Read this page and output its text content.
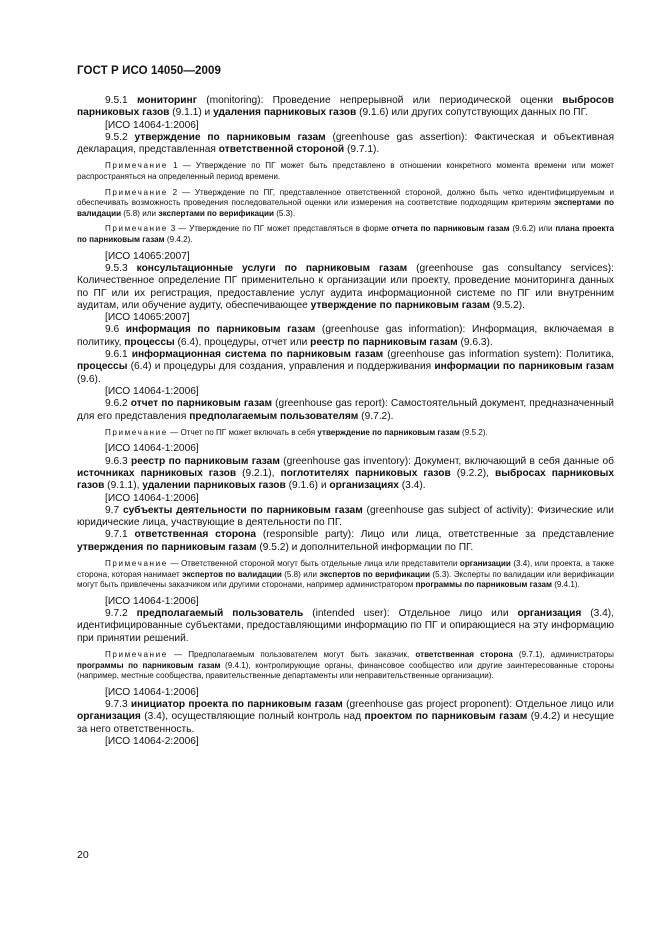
ГОСТ Р ИСО 14050—2009

9.5.1 мониторинг (monitoring): Проведение непрерывной или периодической оценки выбросов парниковых газов (9.1.1) и удаления парниковых газов (9.1.6) или других сопутствующих данных по ПГ.

[ИСО 14064-1:2006]

9.5.2 утверждение по парниковым газам (greenhouse gas assertion): Фактическая и объективная декларация, представленная ответственной стороной (9.7.1).

Примечание 1 — Утверждение по ПГ может быть представлено в отношении конкретного момента времени или может распространяться на определенный период времени.

Примечание 2 — Утверждение по ПГ, представленное ответственной стороной, должно быть четко идентифицируемым и обеспечивать возможность проведения последовательной оценки или измерения на соответствие подходящим критериям экспертами по валидации (5.8) или экспертами по верификации (5.3).

Примечание 3 — Утверждение по ПГ может представляться в форме отчета по парниковым газам (9.6.2) или плана проекта по парниковым газам (9.4.2).

[ИСО 14065:2007]

9.5.3 консультационные услуги по парниковым газам (greenhouse gas consultancy services): Количественное определение ПГ применительно к организации или проекту, проведение мониторинга данных по ПГ или их регистрация, предоставление услуг аудита информационной системе по ПГ или внутренним аудитам, или обучение аудиту, обеспечивающее утверждение по парниковым газам (9.5.2).

[ИСО 14065:2007]

9.6 информация по парниковым газам (greenhouse gas information): Информация, включаемая в политику, процессы (6.4), процедуры, отчет или реестр по парниковым газам (9.6.3).

9.6.1 информационная система по парниковым газам (greenhouse gas information system): Политика, процессы (6.4) и процедуры для создания, управления и поддерживания информации по парниковым газам (9.6).

[ИСО 14064-1:2006]

9.6.2 отчет по парниковым газам (greenhouse gas report): Самостоятельный документ, предназначенный для его представления предполагаемым пользователям (9.7.2).

Примечание — Отчет по ПГ может включать в себя утверждение по парниковым газам (9.5.2).

[ИСО 14064-1:2006]

9.6.3 реестр по парниковым газам (greenhouse gas inventory): Документ, включающий в себя данные об источниках парниковых газов (9.2.1), поглотителях парниковых газов (9.2.2), выбросах парниковых газов (9.1.1), удалении парниковых газов (9.1.6) и организациях (3.4).

[ИСО 14064-1:2006]

9.7 субъекты деятельности по парниковым газам (greenhouse gas subject of activity): Физические или юридические лица, участвующие в деятельности по ПГ.

9.7.1 ответственная сторона (responsible party): Лицо или лица, ответственные за представление утверждения по парниковым газам (9.5.2) и дополнительной информации по ПГ.

Примечание — Ответственной стороной могут быть отдельные лица или представители организации (3.4), или проекта, а также сторона, которая нанимает экспертов по валидации (5.8) или экспертов по верификации (5.3). Эксперты по валидации или верификации могут быть привлечены заказчиком или другими сторонами, например администратором программы по парниковым газам (9.4.1).

[ИСО 14064-1:2006]

9.7.2 предполагаемый пользователь (intended user): Отдельное лицо или организация (3.4), идентифицированные субъектами, предоставляющими информацию по ПГ и опирающиеся на эту информацию при принятии решений.

Примечание — Предполагаемым пользователем могут быть заказчик, ответственная сторона (9.7.1), администраторы программы по парниковым газам (9.4.1), контролирующие органы, финансовое сообщество или другие заинтересованные стороны (например, местные сообщества, правительственные департаменты или неправительственные организации).

[ИСО 14064-1:2006]

9.7.3 инициатор проекта по парниковым газам (greenhouse gas project proponent): Отдельное лицо или организация (3.4), осуществляющие полный контроль над проектом по парниковым газам (9.4.2) и несущие за него ответственность.

[ИСО 14064-2:2006]

20
